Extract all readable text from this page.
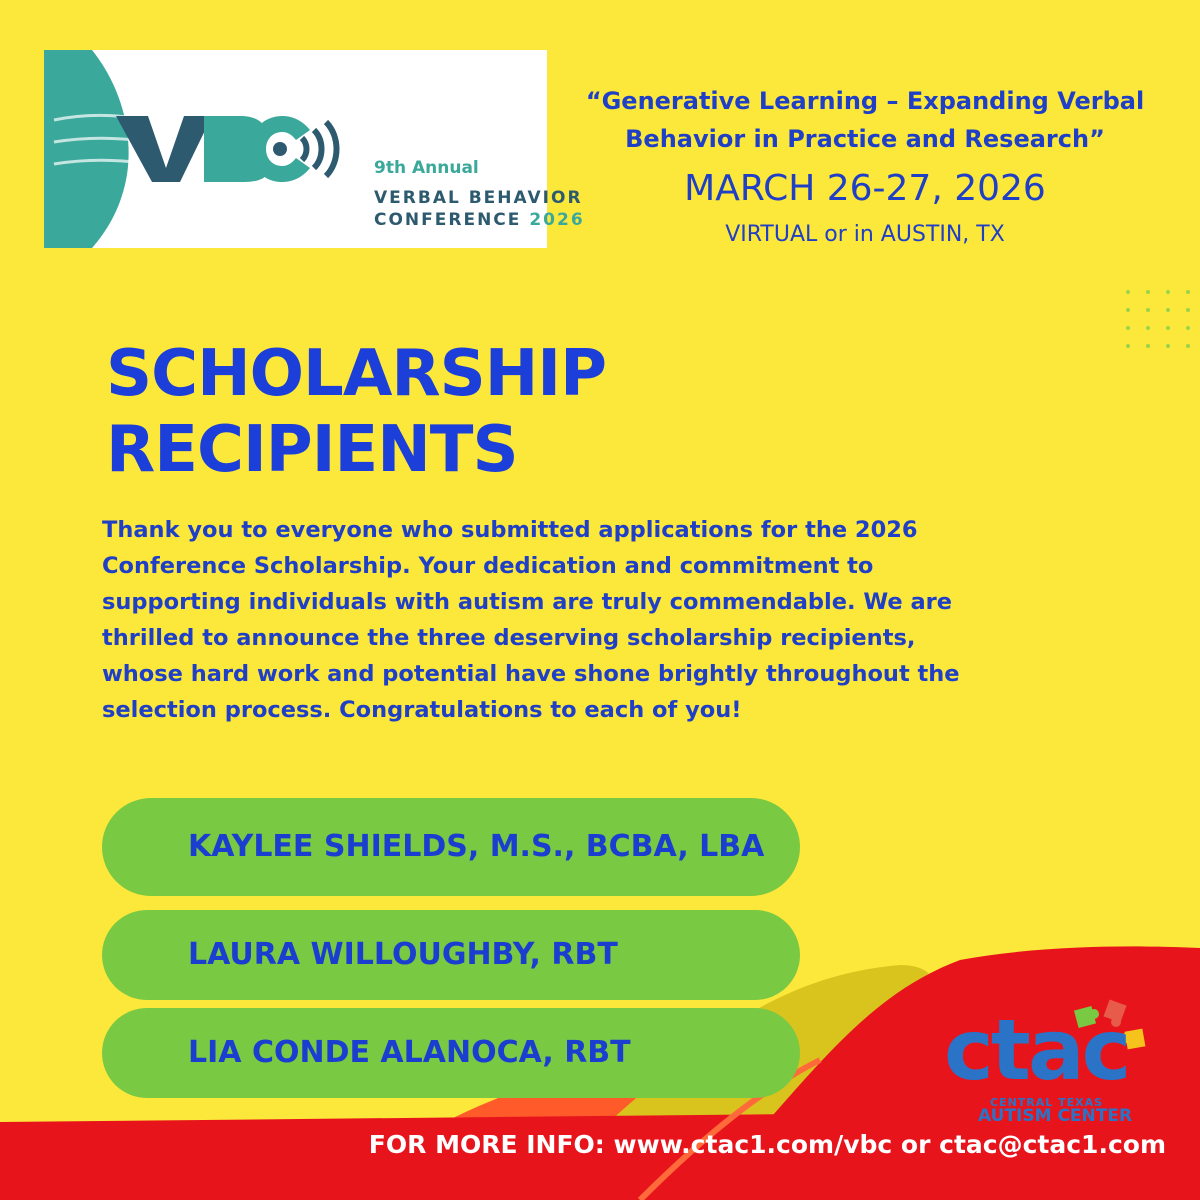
9th Annual
VERBAL BEHAVIOR
CONFERENCE 2026
“Generative Learning – Expanding Verbal Behavior in Practice and Research”
MARCH 26-27, 2026
VIRTUAL or in AUSTIN, TX
SCHOLARSHIP
RECIPIENTS
Thank you to everyone who submitted applications for the 2026 Conference Scholarship. Your dedication and commitment to supporting individuals with autism are truly commendable. We are thrilled to announce the three deserving scholarship recipients, whose hard work and potential have shone brightly throughout the selection process. Congratulations to each of you!
KAYLEE SHIELDS, M.S., BCBA, LBA
LAURA WILLOUGHBY, RBT
LIA CONDE ALANOCA, RBT	ctac
CENTRAL TEXAS
AUTISM CENTER
FOR MORE INFO: www.ctac1.com/vbc or ctac@ctac1.com
